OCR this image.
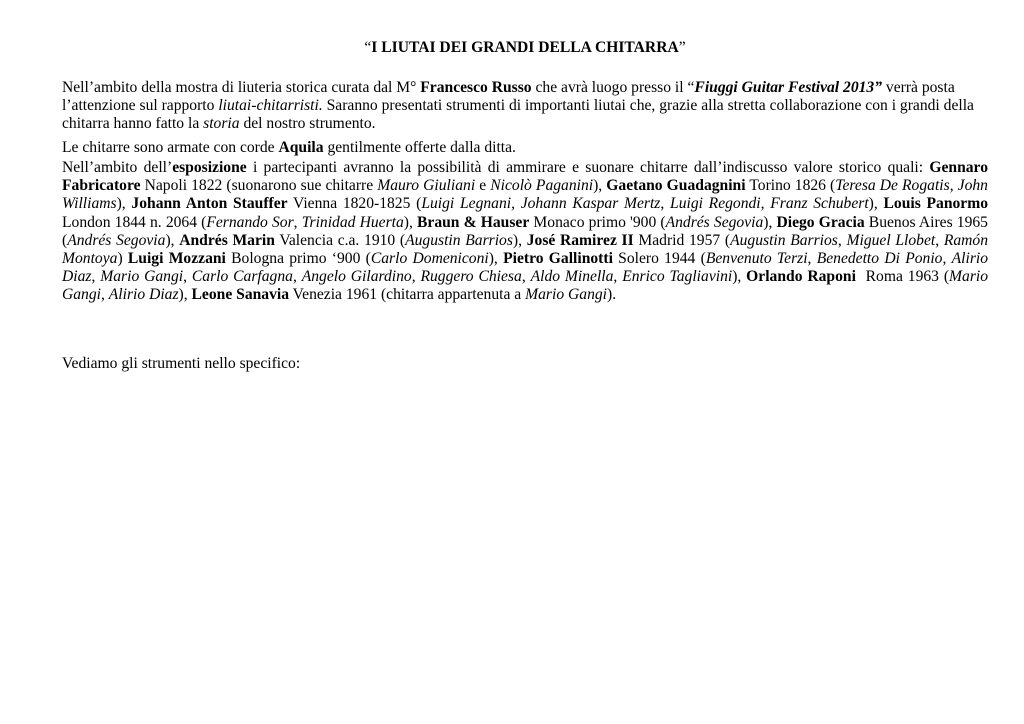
“I LIUTAI DEI GRANDI DELLA CHITARRA”

Nell’ambito della mostra di liuteria storica curata dal M° Francesco Russo che avrà luogo presso il “Fiuggi Guitar Festival 2013” verrà posta l’attenzione sul rapporto liutai-chitarristi. Saranno presentati strumenti di importanti liutai che, grazie alla stretta collaborazione con i grandi della chitarra hanno fatto la storia del nostro strumento.

Le chitarre sono armate con corde Aquila gentilmente offerte dalla ditta.

Nell’ambito dell’esposizione i partecipanti avranno la possibilità di ammirare e suonare chitarre dall’indiscusso valore storico quali: Gennaro Fabricatore Napoli 1822 (suonarono sue chitarre Mauro Giuliani e Nicolò Paganini), Gaetano Guadagnini Torino 1826 (Teresa De Rogatis, John Williams), Johann Anton Stauffer Vienna 1820-1825 (Luigi Legnani, Johann Kaspar Mertz, Luigi Regondi, Franz Schubert), Louis Panormo London 1844 n. 2064 (Fernando Sor, Trinidad Huerta), Braun & Hauser Monaco primo '900 (Andrés Segovia), Diego Gracia Buenos Aires 1965 (Andrés Segovia), Andrés Marin Valencia c.a. 1910 (Augustin Barrios), José Ramirez II Madrid 1957 (Augustin Barrios, Miguel Llobet, Ramón Montoya) Luigi Mozzani Bologna primo ‘900 (Carlo Domeniconi), Pietro Gallinotti Solero 1944 (Benvenuto Terzi, Benedetto Di Ponio, Alirio Diaz, Mario Gangi, Carlo Carfagna, Angelo Gilardino, Ruggero Chiesa, Aldo Minella, Enrico Tagliavini), Orlando Raponi  Roma 1963 (Mario Gangi, Alirio Diaz), Leone Sanavia Venezia 1961 (chitarra appartenuta a Mario Gangi).

Vediamo gli strumenti nello specifico:
